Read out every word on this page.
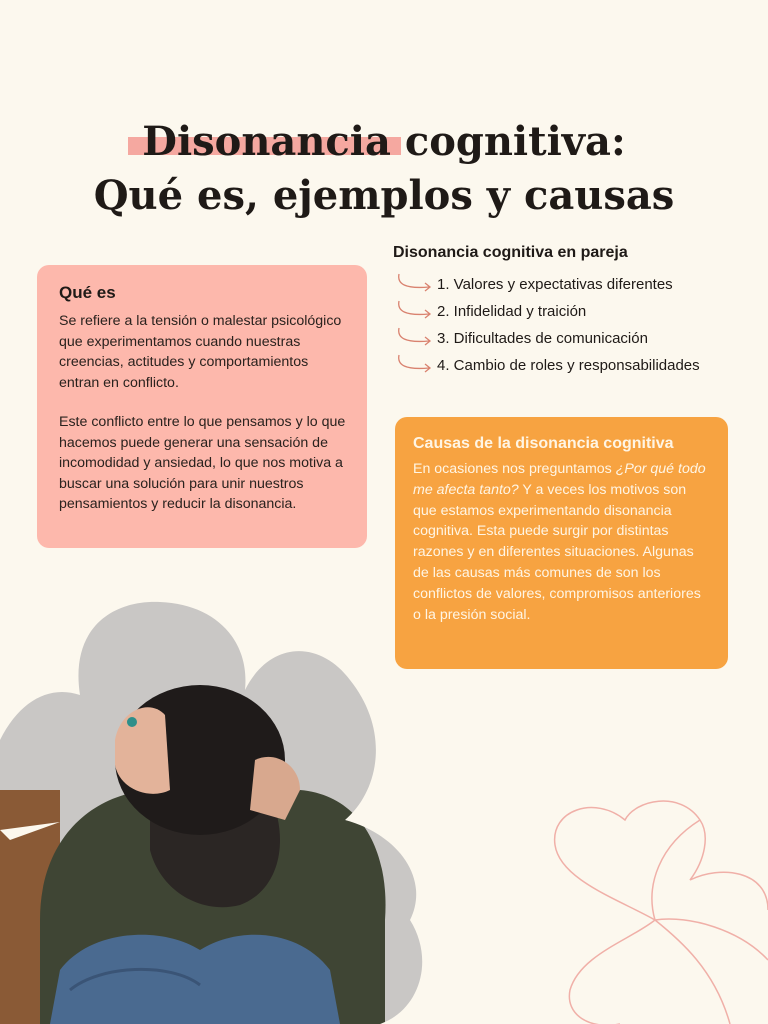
Disonancia cognitiva:
Qué es, ejemplos y causas
Qué es

Se refiere a la tensión o malestar psicológico que experimentamos cuando nuestras creencias, actitudes y comportamientos entran en conflicto.

Este conflicto entre lo que pensamos y lo que hacemos puede generar una sensación de incomodidad y ansiedad, lo que nos motiva a buscar una solución para unir nuestros pensamientos y reducir la disonancia.

Disonancia cognitiva en pareja
1. Valores y expectativas diferentes
2. Infidelidad y traición
3. Dificultades de comunicación
4. Cambio de roles y responsabilidades
Causas de la disonancia cognitiva

En ocasiones nos preguntamos ¿Por qué todo me afecta tanto? Y a veces los motivos son que estamos experimentando disonancia cognitiva. Esta puede surgir por distintas razones y en diferentes situaciones. Algunas de las causas más comunes de son los conflictos de valores, compromisos anteriores o la presión social.
